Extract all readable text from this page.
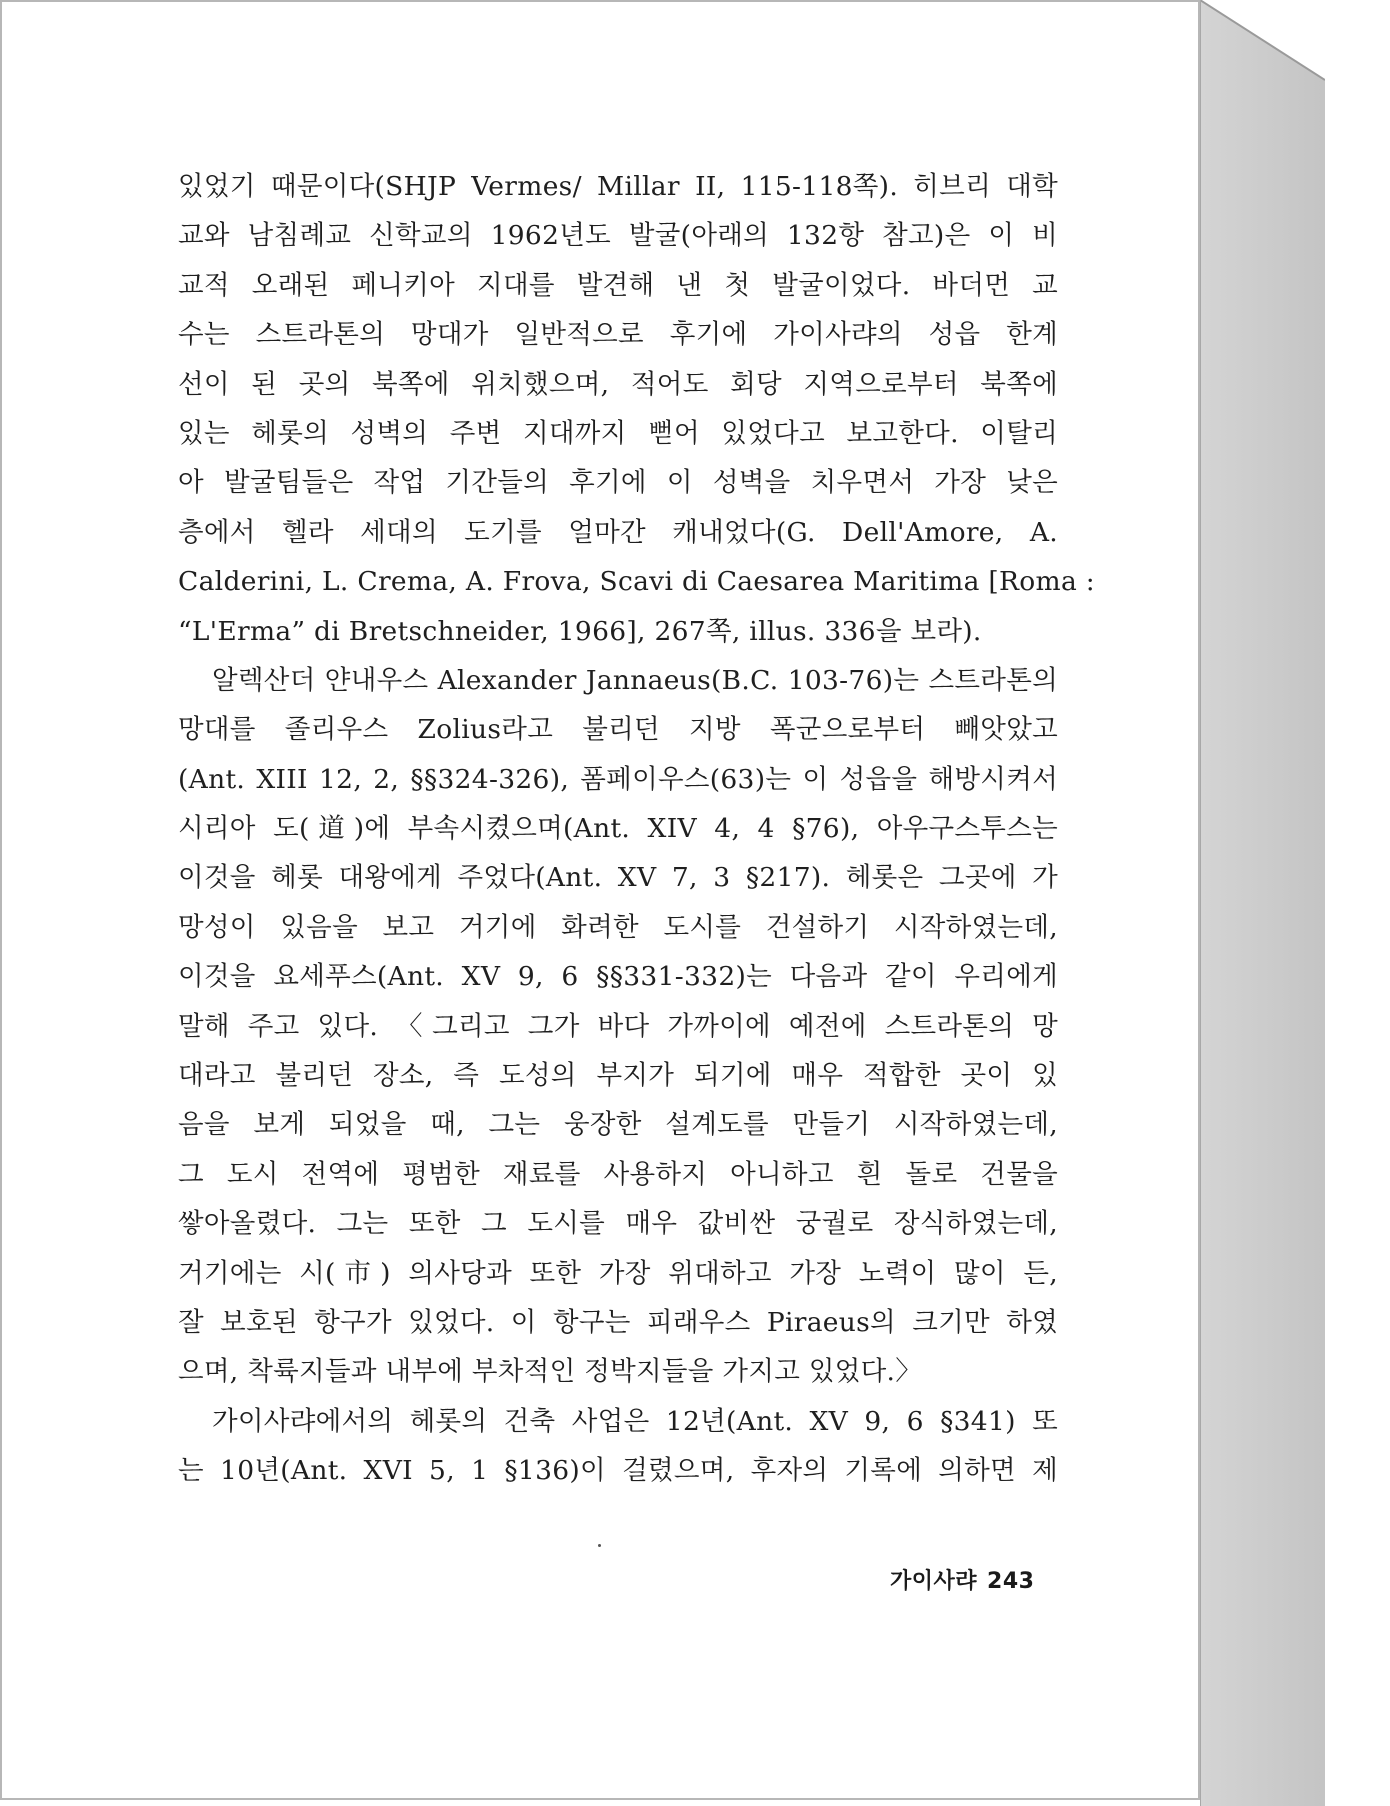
있었기 때문이다(SHJP Vermes/ Millar II, 115-118쪽). 히브리 대학
교와 남침례교 신학교의 1962년도 발굴(아래의 132항 참고)은 이 비
교적 오래된 페니키아 지대를 발견해 낸 첫 발굴이었다. 바더먼 교
수는 스트라톤의 망대가 일반적으로 후기에 가이사랴의 성읍 한계
선이 된 곳의 북쪽에 위치했으며, 적어도 회당 지역으로부터 북쪽에
있는 헤롯의 성벽의 주변 지대까지 뻗어 있었다고 보고한다. 이탈리
아 발굴팀들은 작업 기간들의 후기에 이 성벽을 치우면서 가장 낮은
층에서 헬라 세대의 도기를 얼마간 캐내었다(G. Dell'Amore, A.
Calderini, L. Crema, A. Frova, Scavi di Caesarea Maritima [Roma :
“L'Erma” di Bretschneider, 1966], 267쪽, illus. 336을 보라).
알렉산더 얀내우스 Alexander Jannaeus(B.C. 103-76)는 스트라톤의
망대를 졸리우스 Zolius라고 불리던 지방 폭군으로부터 빼앗았고
(Ant. XIII 12, 2, §§324-326), 폼페이우스(63)는 이 성읍을 해방시켜서
시리아 도(道)에 부속시켰으며(Ant. XIV 4, 4 §76), 아우구스투스는
이것을 헤롯 대왕에게 주었다(Ant. XV 7, 3 §217). 헤롯은 그곳에 가
망성이 있음을 보고 거기에 화려한 도시를 건설하기 시작하였는데,
이것을 요세푸스(Ant. XV 9, 6 §§331-332)는 다음과 같이 우리에게
말해 주고 있다. 〈그리고 그가 바다 가까이에 예전에 스트라톤의 망
대라고 불리던 장소, 즉 도성의 부지가 되기에 매우 적합한 곳이 있
음을 보게 되었을 때, 그는 웅장한 설계도를 만들기 시작하였는데,
그 도시 전역에 평범한 재료를 사용하지 아니하고 흰 돌로 건물을
쌓아올렸다. 그는 또한 그 도시를 매우 값비싼 궁궐로 장식하였는데,
거기에는 시(市) 의사당과 또한 가장 위대하고 가장 노력이 많이 든,
잘 보호된 항구가 있었다. 이 항구는 피래우스 Piraeus의 크기만 하였
으며, 착륙지들과 내부에 부차적인 정박지들을 가지고 있었다.〉
가이사랴에서의 헤롯의 건축 사업은 12년(Ant. XV 9, 6 §341) 또
는 10년(Ant. XVI 5, 1 §136)이 걸렸으며, 후자의 기록에 의하면 제
가이사랴 243
